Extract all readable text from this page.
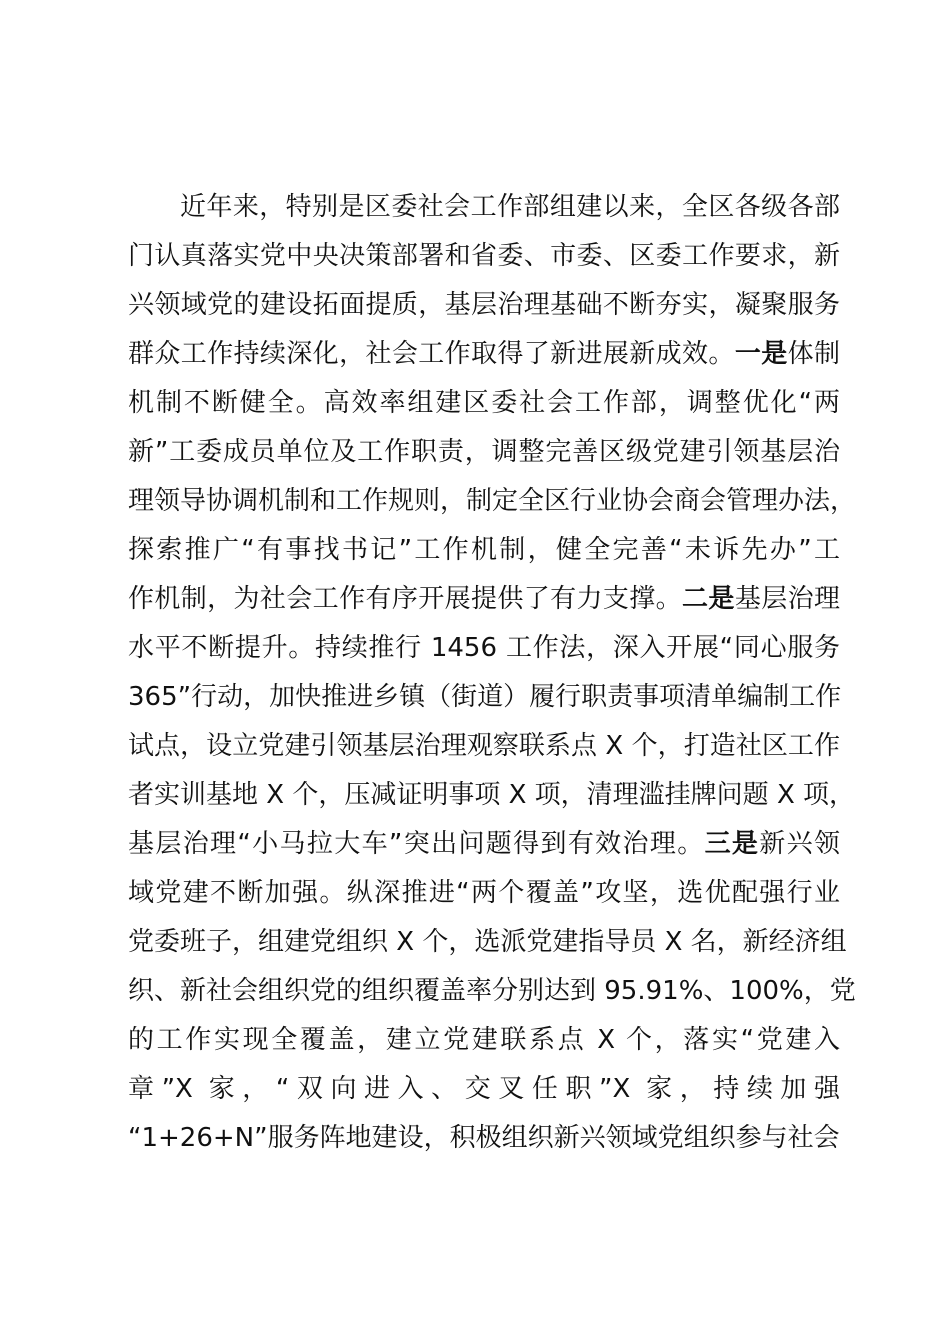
近年来，特别是区委社会工作部组建以来，全区各级各部
门认真落实党中央决策部署和省委、市委、区委工作要求，新
兴领域党的建设拓面提质，基层治理基础不断夯实，凝聚服务
群众工作持续深化，社会工作取得了新进展新成效。一是体制
机制不断健全。高效率组建区委社会工作部，调整优化“两
新”工委成员单位及工作职责，调整完善区级党建引领基层治
理领导协调机制和工作规则，制定全区行业协会商会管理办法，
探索推广“有事找书记”工作机制，健全完善“未诉先办”工
作机制，为社会工作有序开展提供了有力支撑。二是基层治理
水平不断提升。持续推行 1456 工作法，深入开展“同心服务
365”行动，加快推进乡镇（街道）履行职责事项清单编制工作
试点，设立党建引领基层治理观察联系点 X 个，打造社区工作
者实训基地 X 个，压减证明事项 X 项，清理滥挂牌问题 X 项，
基层治理“小马拉大车”突出问题得到有效治理。三是新兴领
域党建不断加强。纵深推进“两个覆盖”攻坚，选优配强行业
党委班子，组建党组织 X 个，选派党建指导员 X 名，新经济组
织、新社会组织党的组织覆盖率分别达到 95.91%、100%，党
的工作实现全覆盖，建立党建联系点 X 个，落实“党建入
章”X 家，“双向进入、交叉任职”X 家，持续加强
“1+26+N”服务阵地建设，积极组织新兴领域党组织参与社会
